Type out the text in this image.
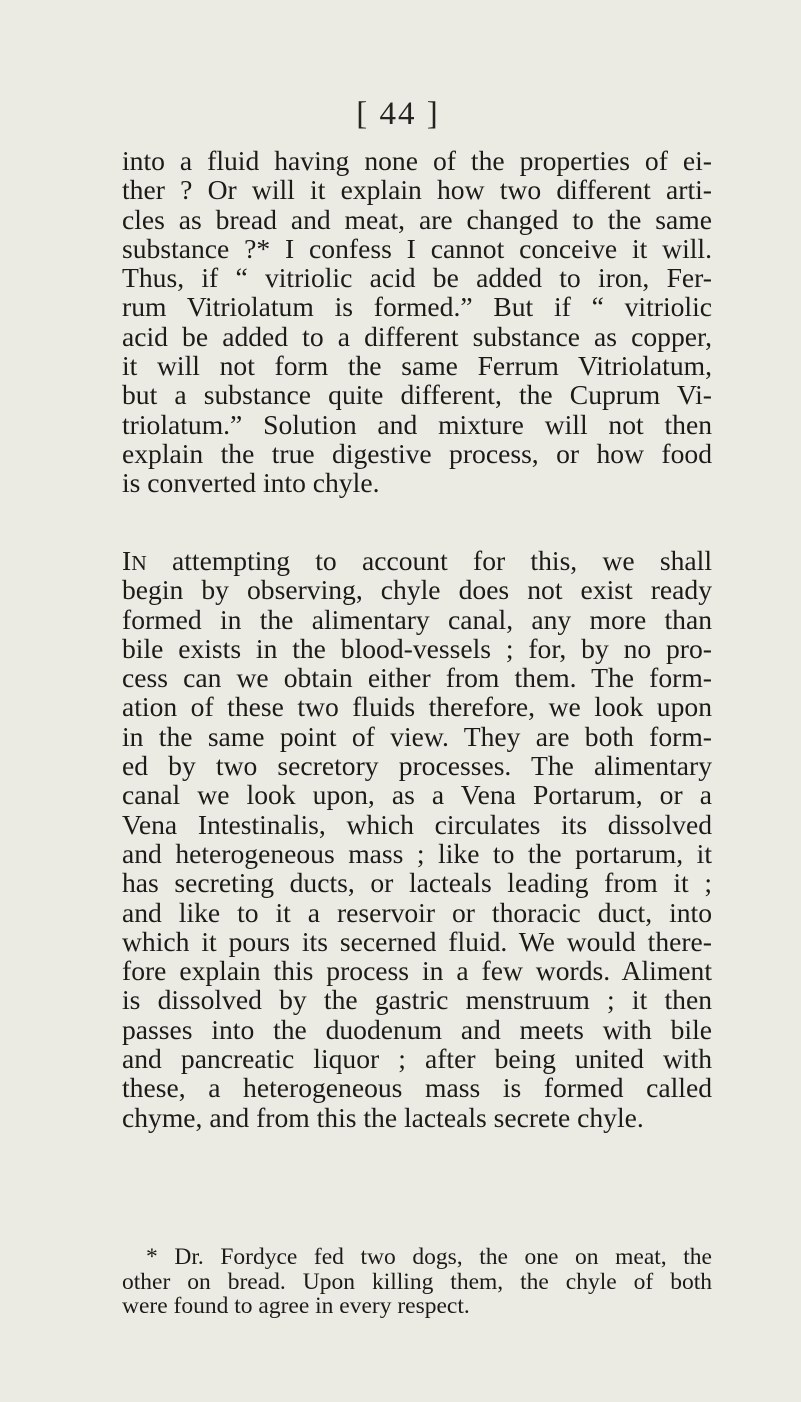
[ 44 ]
into a fluid having none of the properties of ei-
ther ? Or will it explain how two different arti-
cles as bread and meat, are changed to the same
substance ?* I confess I cannot conceive it will.
Thus, if “ vitriolic acid be added to iron, Fer-
rum Vitriolatum is formed.” But if “ vitriolic
acid be added to a different substance as copper,
it will not form the same Ferrum Vitriolatum,
but a substance quite different, the Cuprum Vi-
triolatum.” Solution and mixture will not then
explain the true digestive process, or how food
is converted into chyle.
IN attempting to account for this, we shall
begin by observing, chyle does not exist ready
formed in the alimentary canal, any more than
bile exists in the blood-vessels ; for, by no pro-
cess can we obtain either from them. The form-
ation of these two fluids therefore, we look upon
in the same point of view. They are both form-
ed by two secretory processes. The alimentary
canal we look upon, as a Vena Portarum, or a
Vena Intestinalis, which circulates its dissolved
and heterogeneous mass ; like to the portarum, it
has secreting ducts, or lacteals leading from it ;
and like to it a reservoir or thoracic duct, into
which it pours its secerned fluid. We would there-
fore explain this process in a few words. Aliment
is dissolved by the gastric menstruum ; it then
passes into the duodenum and meets with bile
and pancreatic liquor ; after being united with
these, a heterogeneous mass is formed called
chyme, and from this the lacteals secrete chyle.
* Dr. Fordyce fed two dogs, the one on meat, the
other on bread. Upon killing them, the chyle of both
were found to agree in every respect.
